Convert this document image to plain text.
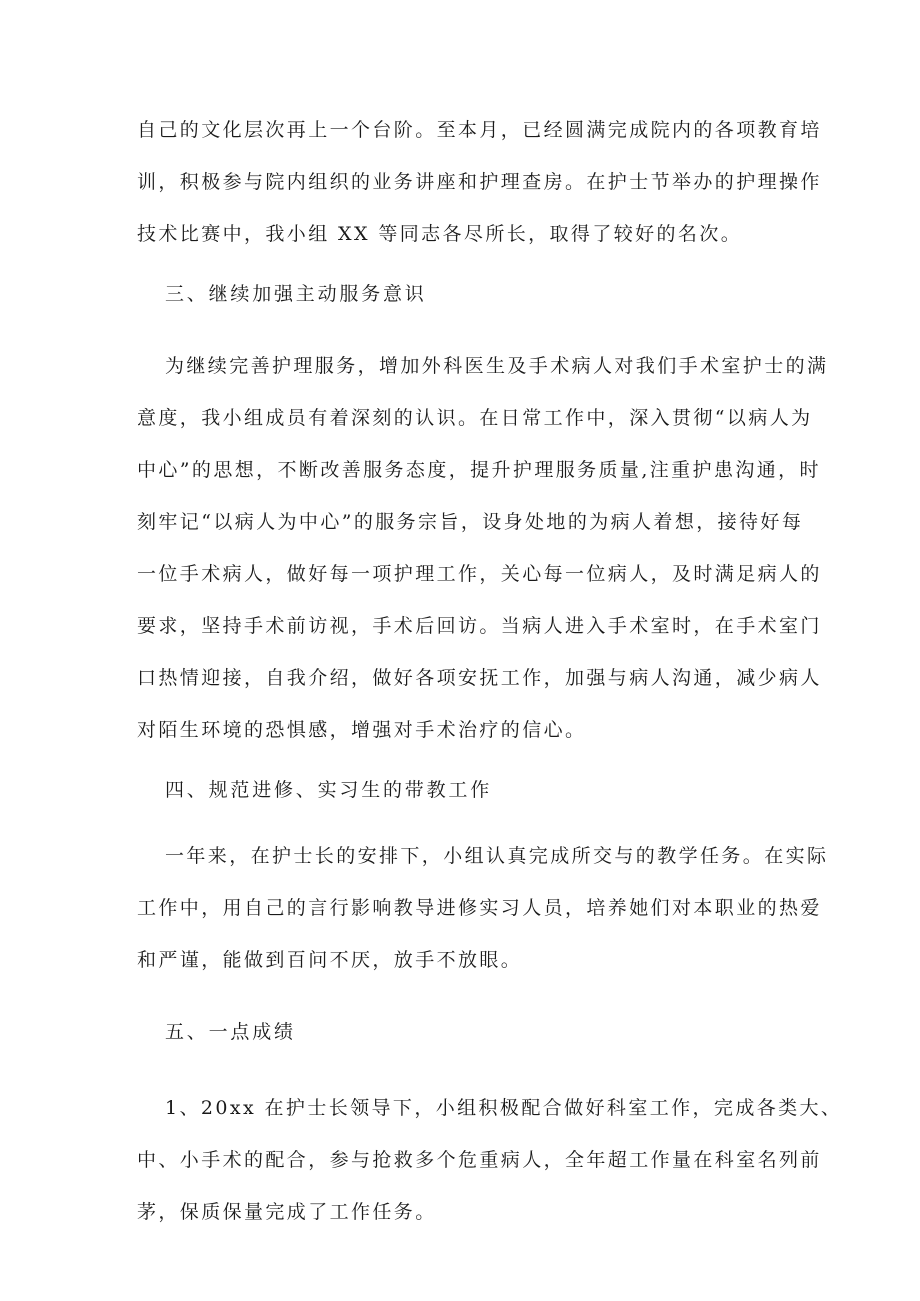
自己的文化层次再上一个台阶。至本月，已经圆满完成院内的各项教育培
训，积极参与院内组织的业务讲座和护理查房。在护士节举办的护理操作
技术比赛中，我小组 XX 等同志各尽所长，取得了较好的名次。
三、继续加强主动服务意识
为继续完善护理服务，增加外科医生及手术病人对我们手术室护士的满
意度，我小组成员有着深刻的认识。在日常工作中，深入贯彻“以病人为
中心”的思想，不断改善服务态度，提升护理服务质量,注重护患沟通，时
刻牢记“以病人为中心”的服务宗旨，设身处地的为病人着想，接待好每
一位手术病人，做好每一项护理工作，关心每一位病人，及时满足病人的
要求，坚持手术前访视，手术后回访。当病人进入手术室时，在手术室门
口热情迎接，自我介绍，做好各项安抚工作，加强与病人沟通，减少病人
对陌生环境的恐惧感，增强对手术治疗的信心。
四、规范进修、实习生的带教工作
一年来，在护士长的安排下，小组认真完成所交与的教学任务。在实际
工作中，用自己的言行影响教导进修实习人员，培养她们对本职业的热爱
和严谨，能做到百问不厌，放手不放眼。
五、一点成绩
1、20xx 在护士长领导下，小组积极配合做好科室工作，完成各类大、
中、小手术的配合，参与抢救多个危重病人，全年超工作量在科室名列前
茅，保质保量完成了工作任务。
